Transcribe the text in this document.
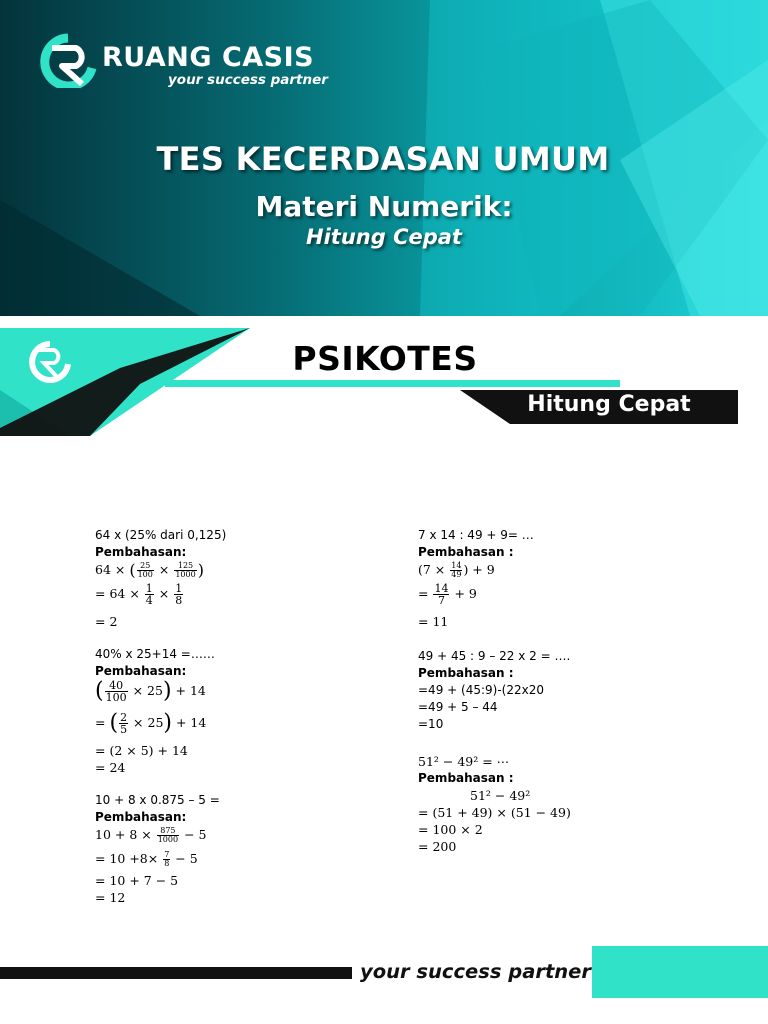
RUANG CASIS
your success partner
TES KECERDASAN UMUM
Materi Numerik:
Hitung Cepat
PSIKOTES
Hitung Cepat
64 x (25% dari 0,125)
Pembahasan:
64 × ( $\frac{25}{100} \times \frac{125}{1000}$ )
= $64 \times \frac{1}{4} \times \frac{1}{8}$
= 2
40% x 25+14 =……
Pembahasan:
( $\frac{40}{100} \times 25) + 14$
= ( $\frac{2}{5} \times 25) + 14$
= (2 × 5) + 14
= 24
10 + 8 x 0.875 – 5 =
Pembahasan:
$10 + 8 \times \frac{875}{1000} - 5$
= $10 +8\times \frac{7}{8} - 5$
= 10 + 7 − 5
= 12
7 x 14 : 49 + 9= …
Pembahasan :
($7 \times \frac{14}{49}$ ) + 9
= $\frac{14}{7} + 9$
= 11
49 + 45 : 9 – 22 x 2 = ….
Pembahasan :
=49 + (45:9)-(22x20
=49 + 5 – 44
=10
51² − 49² = ⋯
Pembahasan :
51² − 49²
= (51 + 49) × (51 − 49)
= 100 × 2
= 200
your success partner
